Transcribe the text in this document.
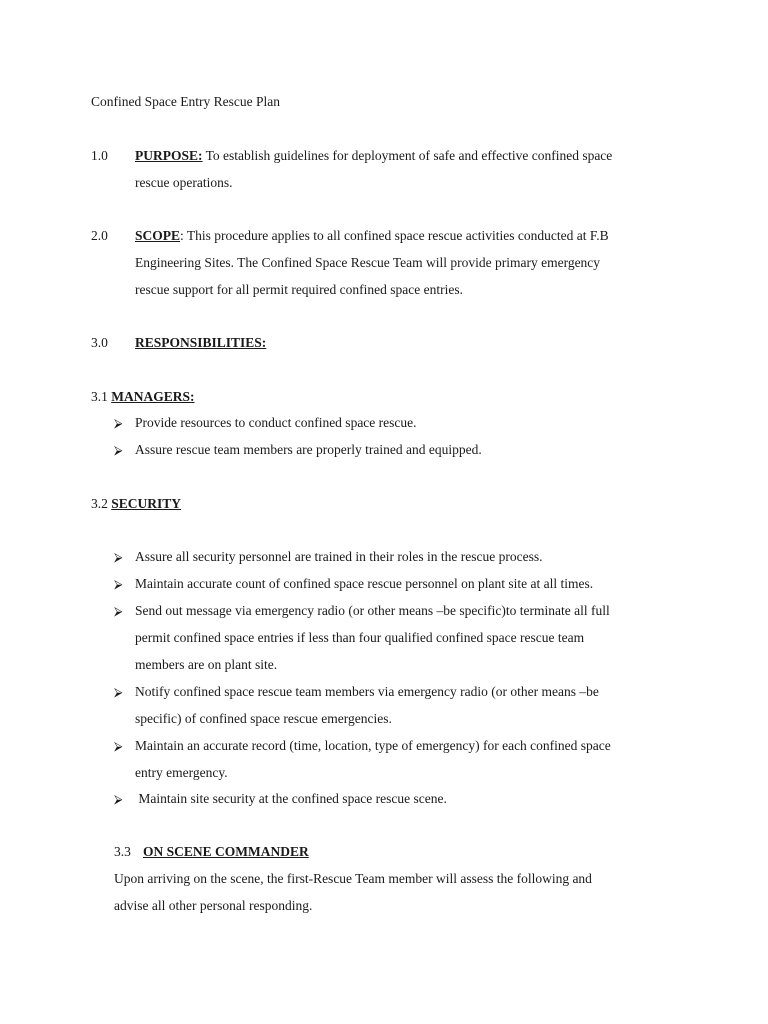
Confined Space Entry Rescue Plan
1.0 PURPOSE: To establish guidelines for deployment of safe and effective confined space
rescue operations.
2.0 SCOPE: This procedure applies to all confined space rescue activities conducted at F.B
Engineering Sites. The Confined Space Rescue Team will provide primary emergency
rescue support for all permit required confined space entries.
3.0 RESPONSIBILITIES:
3.1 MANAGERS:
⮚ Provide resources to conduct confined space rescue.
⮚ Assure rescue team members are properly trained and equipped.
3.2 SECURITY
⮚ Assure all security personnel are trained in their roles in the rescue process.
⮚ Maintain accurate count of confined space rescue personnel on plant site at all times.
⮚ Send out message via emergency radio (or other means –be specific)to terminate all full
permit confined space entries if less than four qualified confined space rescue team
members are on plant site.
⮚ Notify confined space rescue team members via emergency radio (or other means –be
specific) of confined space rescue emergencies.
⮚ Maintain an accurate record (time, location, type of emergency) for each confined space
entry emergency.
⮚ Maintain site security at the confined space rescue scene.
3.3 ON SCENE COMMANDER
Upon arriving on the scene, the first-Rescue Team member will assess the following and
advise all other personal responding.
